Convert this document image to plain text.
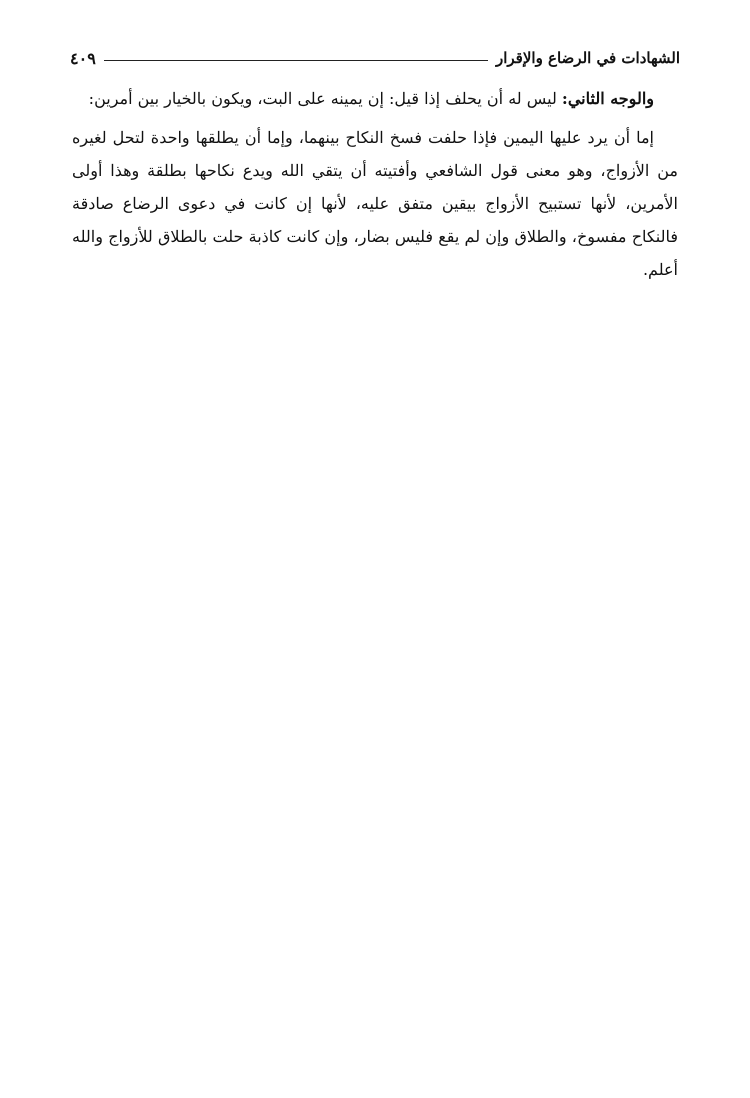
الشهادات في الرضاع والإقرار
٤٠٩

والوجه الثاني: ليس له أن يحلف إذا قيل: إن يمينه على البت، ويكون بالخيار بين أمرين:

إما أن يرد عليها اليمين فإذا حلفت فسخ النكاح بينهما، وإما أن يطلقها واحدة لتحل لغيره من الأزواج، وهو معنى قول الشافعي وأفتيته أن يتقي الله ويدع نكاحها بطلقة وهذا أولى الأمرين، لأنها تستبيح الأزواج بيقين متفق عليه، لأنها إن كانت في دعوى الرضاع صادقة فالنكاح مفسوخ، والطلاق وإن لم يقع فليس بضار، وإن كانت كاذبة حلت بالطلاق للأزواج والله أعلم.
